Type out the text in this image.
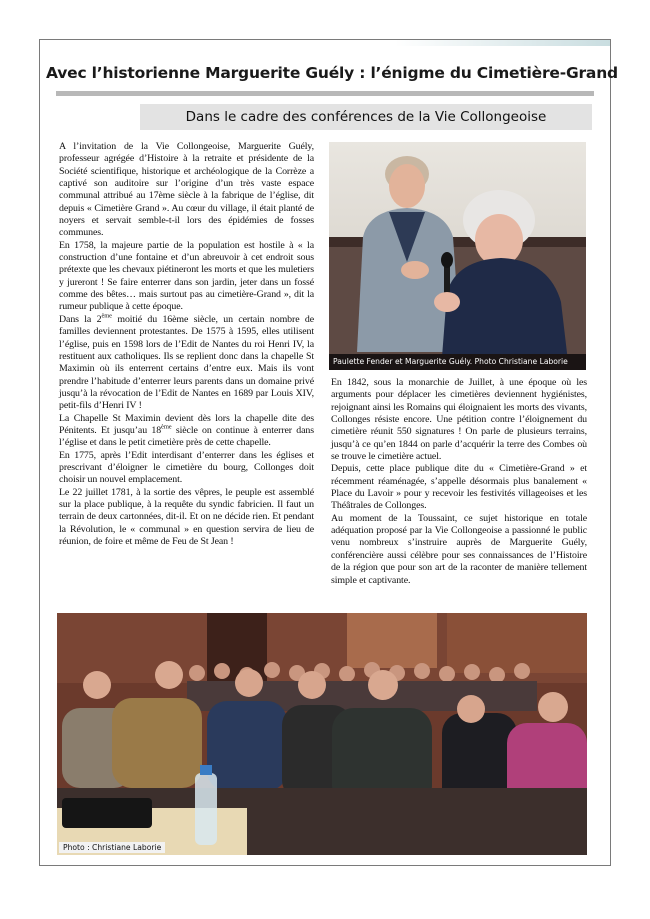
Avec l’historienne Marguerite Guély : l’énigme du Cimetière-Grand
Dans le cadre des conférences de la Vie Collongeoise

A l’invitation de la Vie Collongeoise, Marguerite Guély, professeur agrégée d’Histoire à la retraite et présidente de la Société scientifique, historique et archéologique de la Corrèze a captivé son auditoire sur l’origine d’un très vaste espace communal attribué au 17ème siècle à la fabrique de l’église, dit depuis « Cimetière Grand ». Au cœur du village, il était planté de noyers et servait semble-t-il lors des épidémies de fosses communes.

En 1758, la majeure partie de la population est hostile à « la construction d’une fontaine et d’un abreuvoir à cet endroit sous prétexte que les chevaux piétineront les morts et que les muletiers y jureront ! Se faire enterrer dans son jardin, jeter dans un fossé comme des bêtes… mais surtout pas au cimetière-Grand », dit la rumeur publique à cette époque.

Dans la 2ème moitié du 16ème siècle, un certain nombre de familles deviennent protestantes. De 1575 à 1595, elles utilisent l’église, puis en 1598 lors de l’Edit de Nantes du roi Henri IV, la restituent aux catholiques. Ils se replient donc dans la chapelle St Maximin où ils enterrent certains d’entre eux. Mais ils vont prendre l’habitude d’enterrer leurs parents dans un domaine privé jusqu’à la révocation de l’Edit de Nantes en 1689 par Louis XIV, petit-fils d’Henri IV !

La Chapelle St Maximin devient dès lors la chapelle dite des Pénitents. Et jusqu’au 18ème siècle on continue à enterrer dans l’église et dans le petit cimetière près de cette chapelle.

En 1775, après l’Edit interdisant d’enterrer dans les églises et prescrivant d’éloigner le cimetière du bourg, Collonges doit choisir un nouvel emplacement.

Le 22 juillet 1781, à la sortie des vêpres, le peuple est assemblé sur la place publique, à la requête du syndic fabricien. Il faut un terrain de deux cartonnées, dit-il. Et on ne décide rien. Et pendant la Révolution, le « communal » en question servira de lieu de réunion, de foire et même de Feu de St Jean !

Paulette Fender et Marguerite Guély. Photo Christiane Laborie

En 1842, sous la monarchie de Juillet, à une époque où les arguments pour déplacer les cimetières deviennent hygiénistes, rejoignant ainsi les Romains qui éloignaient les morts des vivants, Collonges résiste encore. Une pétition contre l’éloignement du cimetière réunit 550 signatures ! On parle de plusieurs terrains, jusqu’à ce qu’en 1844 on parle d’acquérir la terre des Combes où se trouve le cimetière actuel.

Depuis, cette place publique dite du « Cimetière-Grand » et récemment réaménagée, s’appelle désormais plus banalement « Place du Lavoir » pour y recevoir les festivités villageoises et les Théâtrales de Collonges.

Au moment de la Toussaint, ce sujet historique en totale adéquation proposé par la Vie Collongeoise a passionné le public venu nombreux s’instruire auprès de Marguerite Guély, conférencière aussi célèbre pour ses connaissances de l’Histoire de la région que pour son art de la raconter de manière tellement simple et captivante.

Photo : Christiane Laborie
